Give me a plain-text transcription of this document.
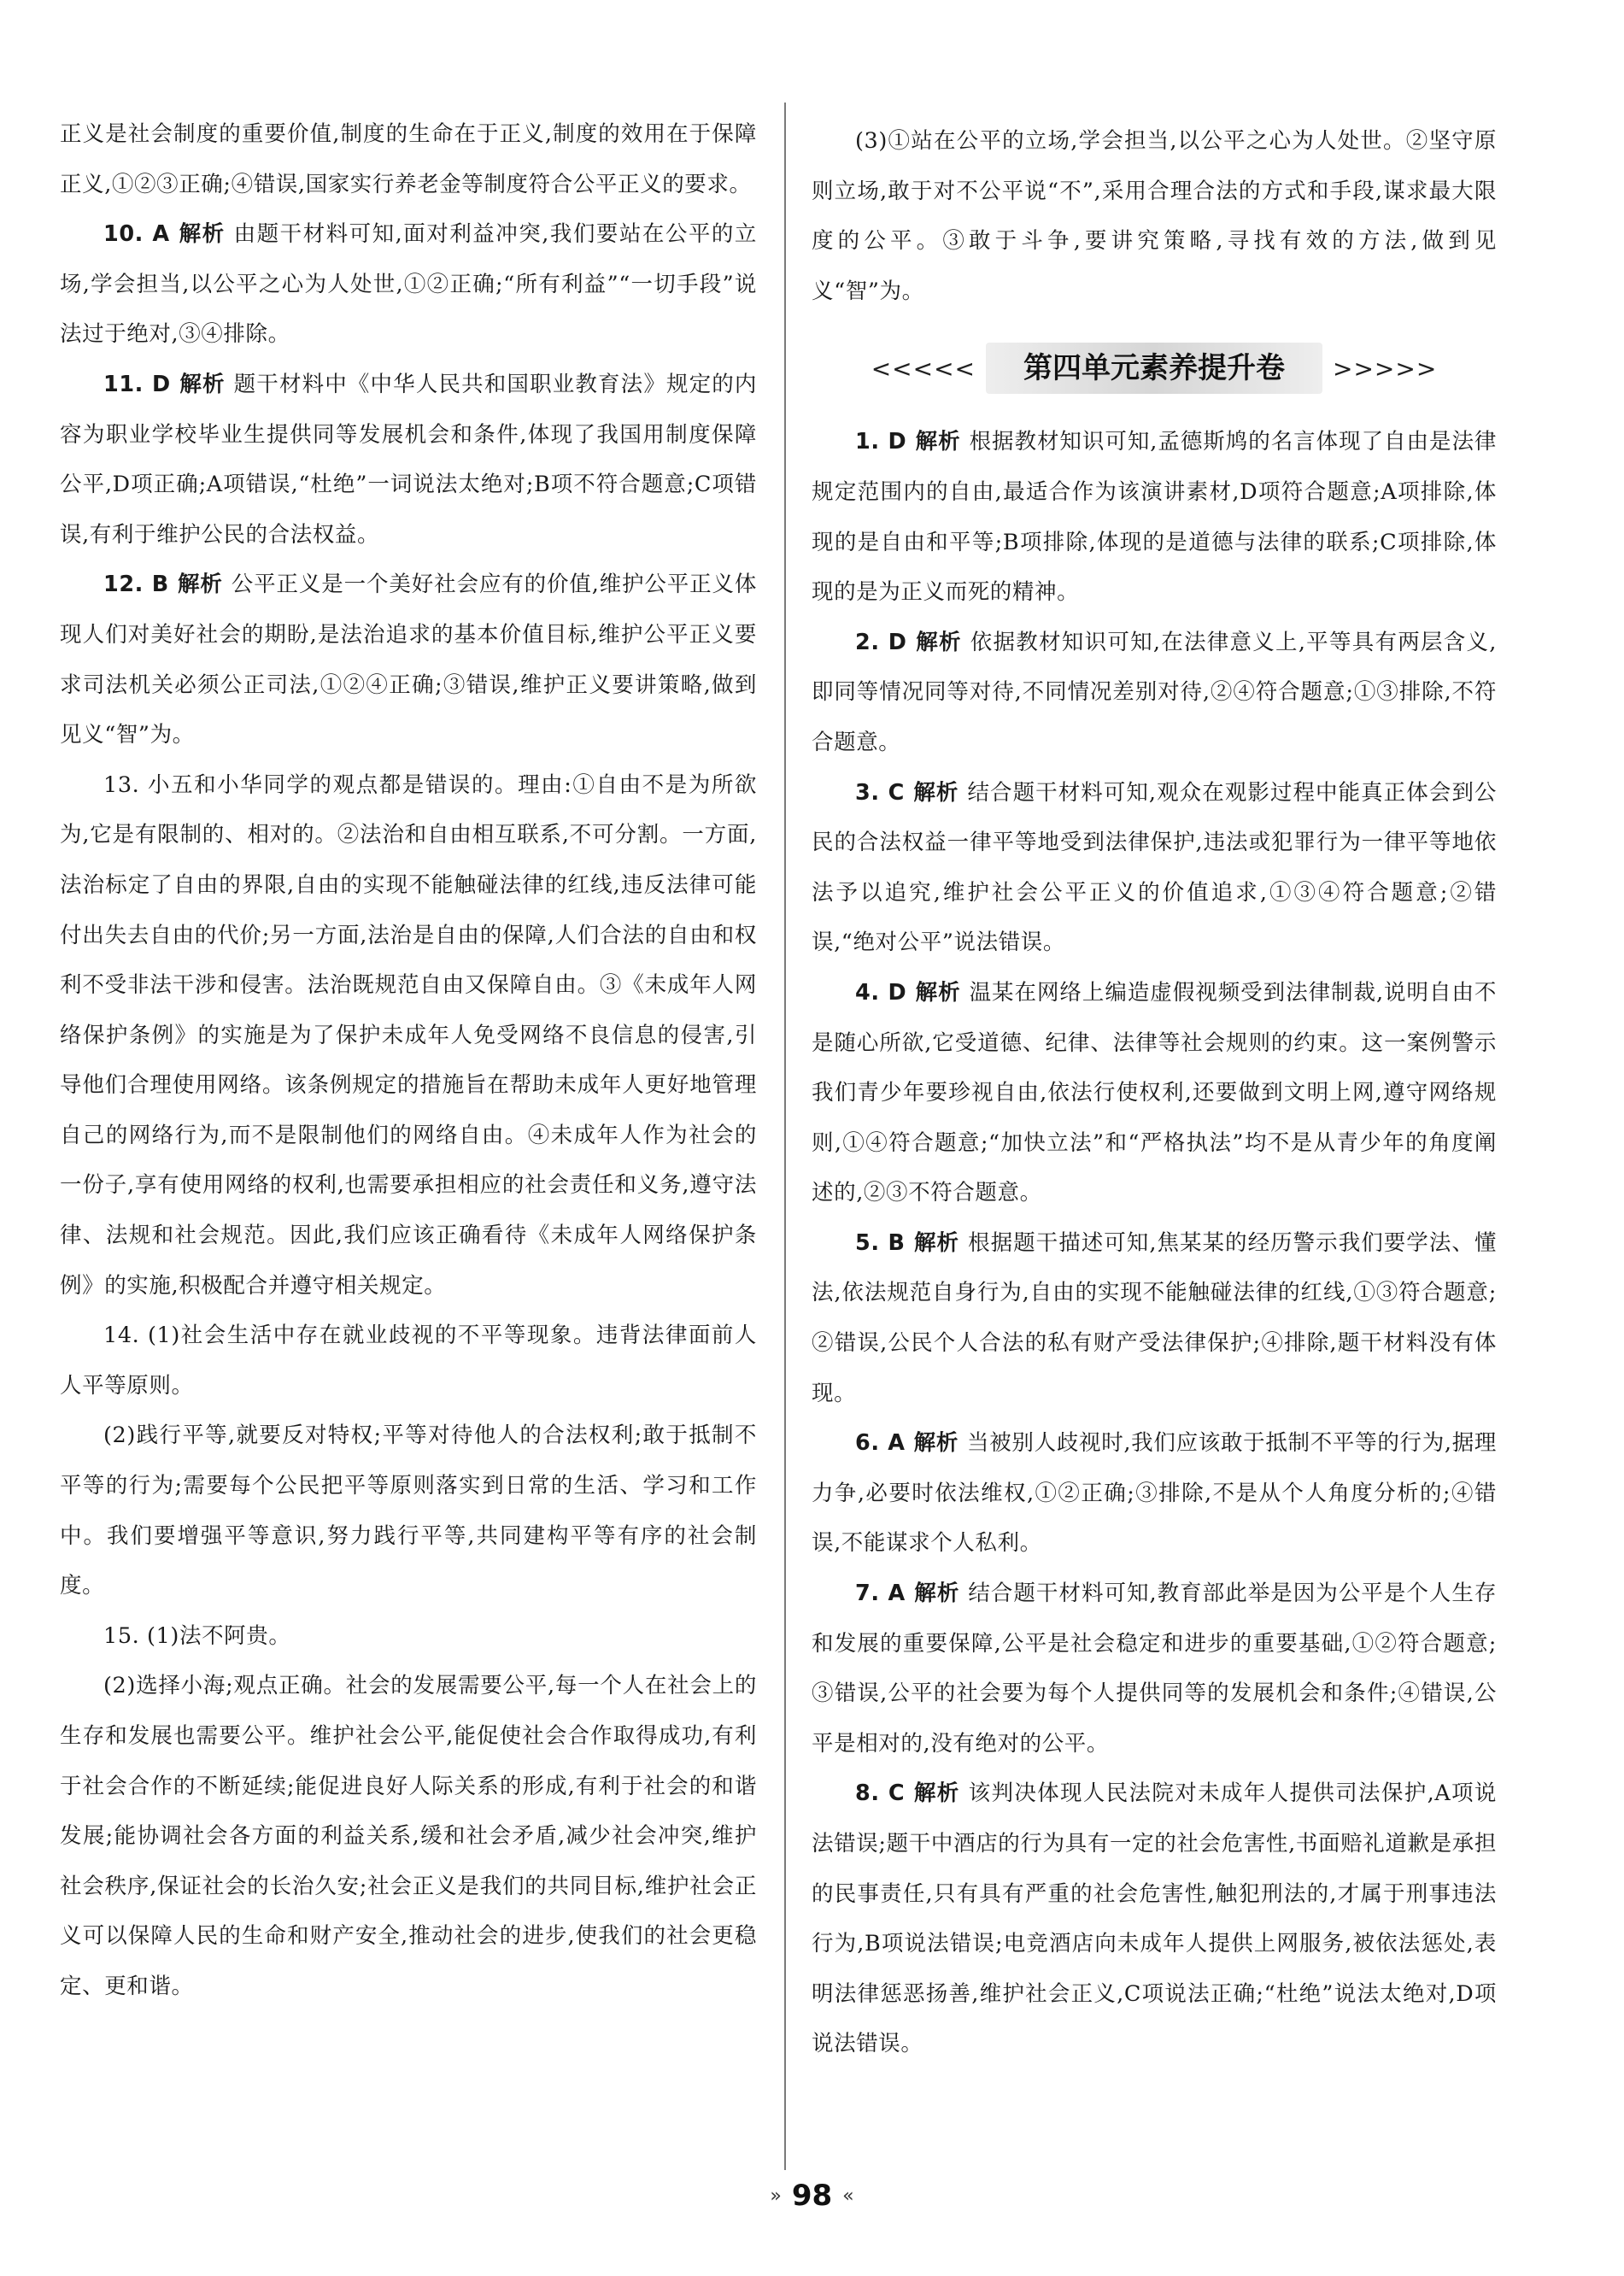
正义是社会制度的重要价值,制度的生命在于正义,制度的效用在于保障正义,①②③正确;④错误,国家实行养老金等制度符合公平正义的要求。

10. A 解析 由题干材料可知,面对利益冲突,我们要站在公平的立场,学会担当,以公平之心为人处世,①②正确;“所有利益”“一切手段”说法过于绝对,③④排除。

11. D 解析 题干材料中《中华人民共和国职业教育法》规定的内容为职业学校毕业生提供同等发展机会和条件,体现了我国用制度保障公平,D项正确;A项错误,“杜绝”一词说法太绝对;B项不符合题意;C项错误,有利于维护公民的合法权益。

12. B 解析 公平正义是一个美好社会应有的价值,维护公平正义体现人们对美好社会的期盼,是法治追求的基本价值目标,维护公平正义要求司法机关必须公正司法,①②④正确;③错误,维护正义要讲策略,做到见义“智”为。

13. 小五和小华同学的观点都是错误的。理由:①自由不是为所欲为,它是有限制的、相对的。②法治和自由相互联系,不可分割。一方面,法治标定了自由的界限,自由的实现不能触碰法律的红线,违反法律可能付出失去自由的代价;另一方面,法治是自由的保障,人们合法的自由和权利不受非法干涉和侵害。法治既规范自由又保障自由。③《未成年人网络保护条例》的实施是为了保护未成年人免受网络不良信息的侵害,引导他们合理使用网络。该条例规定的措施旨在帮助未成年人更好地管理自己的网络行为,而不是限制他们的网络自由。④未成年人作为社会的一份子,享有使用网络的权利,也需要承担相应的社会责任和义务,遵守法律、法规和社会规范。因此,我们应该正确看待《未成年人网络保护条例》的实施,积极配合并遵守相关规定。

14. (1)社会生活中存在就业歧视的不平等现象。违背法律面前人人平等原则。

(2)践行平等,就要反对特权;平等对待他人的合法权利;敢于抵制不平等的行为;需要每个公民把平等原则落实到日常的生活、学习和工作中。我们要增强平等意识,努力践行平等,共同建构平等有序的社会制度。

15. (1)法不阿贵。

(2)选择小海;观点正确。社会的发展需要公平,每一个人在社会上的生存和发展也需要公平。维护社会公平,能促使社会合作取得成功,有利于社会合作的不断延续;能促进良好人际关系的形成,有利于社会的和谐发展;能协调社会各方面的利益关系,缓和社会矛盾,减少社会冲突,维护社会秩序,保证社会的长治久安;社会正义是我们的共同目标,维护社会正义可以保障人民的生命和财产安全,推动社会的进步,使我们的社会更稳定、更和谐。

(3)①站在公平的立场,学会担当,以公平之心为人处世。②坚守原则立场,敢于对不公平说“不”,采用合理合法的方式和手段,谋求最大限度的公平。③敢于斗争,要讲究策略,寻找有效的方法,做到见义“智”为。

<<<<<	第四单元素养提升卷	>>>>>

1. D 解析 根据教材知识可知,孟德斯鸠的名言体现了自由是法律规定范围内的自由,最适合作为该演讲素材,D项符合题意;A项排除,体现的是自由和平等;B项排除,体现的是道德与法律的联系;C项排除,体现的是为正义而死的精神。

2. D 解析 依据教材知识可知,在法律意义上,平等具有两层含义,即同等情况同等对待,不同情况差别对待,②④符合题意;①③排除,不符合题意。

3. C 解析 结合题干材料可知,观众在观影过程中能真正体会到公民的合法权益一律平等地受到法律保护,违法或犯罪行为一律平等地依法予以追究,维护社会公平正义的价值追求,①③④符合题意;②错误,“绝对公平”说法错误。

4. D 解析 温某在网络上编造虚假视频受到法律制裁,说明自由不是随心所欲,它受道德、纪律、法律等社会规则的约束。这一案例警示我们青少年要珍视自由,依法行使权利,还要做到文明上网,遵守网络规则,①④符合题意;“加快立法”和“严格执法”均不是从青少年的角度阐述的,②③不符合题意。

5. B 解析 根据题干描述可知,焦某某的经历警示我们要学法、懂法,依法规范自身行为,自由的实现不能触碰法律的红线,①③符合题意;②错误,公民个人合法的私有财产受法律保护;④排除,题干材料没有体现。

6. A 解析 当被别人歧视时,我们应该敢于抵制不平等的行为,据理力争,必要时依法维权,①②正确;③排除,不是从个人角度分析的;④错误,不能谋求个人私利。

7. A 解析 结合题干材料可知,教育部此举是因为公平是个人生存和发展的重要保障,公平是社会稳定和进步的重要基础,①②符合题意;③错误,公平的社会要为每个人提供同等的发展机会和条件;④错误,公平是相对的,没有绝对的公平。

8. C 解析 该判决体现人民法院对未成年人提供司法保护,A项说法错误;题干中酒店的行为具有一定的社会危害性,书面赔礼道歉是承担的民事责任,只有具有严重的社会危害性,触犯刑法的,才属于刑事违法行为,B项说法错误;电竞酒店向未成年人提供上网服务,被依法惩处,表明法律惩恶扬善,维护社会正义,C项说法正确;“杜绝”说法太绝对,D项说法错误。

» 98 «
